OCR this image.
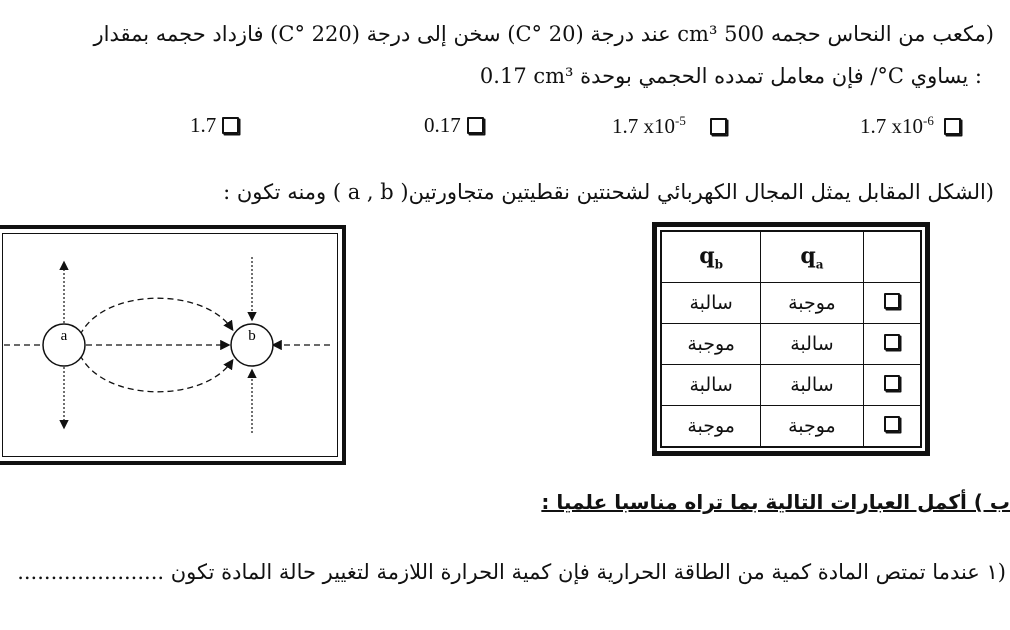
(مكعب من النحاس حجمه 500 cm³ عند درجة (20 °C) سخن إلى درجة (220 °C) فازداد حجمه بمقدار
0.17 cm³ فإن معامل تمدده الحجمي بوحدة ‎/°C‎ يساوي :
1.7	0.17	1.7 $x10^{-5}$	1.7 $x10^{-6}$
(الشكل المقابل يمثل المجال الكهربائي لشحنتين نقطيتين متجاورتين( a , b ) ومنه تكون :
a	b
$q_b$	$q_a$	
سالبة	موجبة	
موجبة	سالبة	
سالبة	سالبة	
موجبة	موجبة	
ب ) أكمل العبارات التالية بما تراه مناسبا علميا :
(١ عندما تمتص المادة كمية من الطاقة الحرارية فإن كمية الحرارة اللازمة لتغيير حالة المادة تكون ......................
